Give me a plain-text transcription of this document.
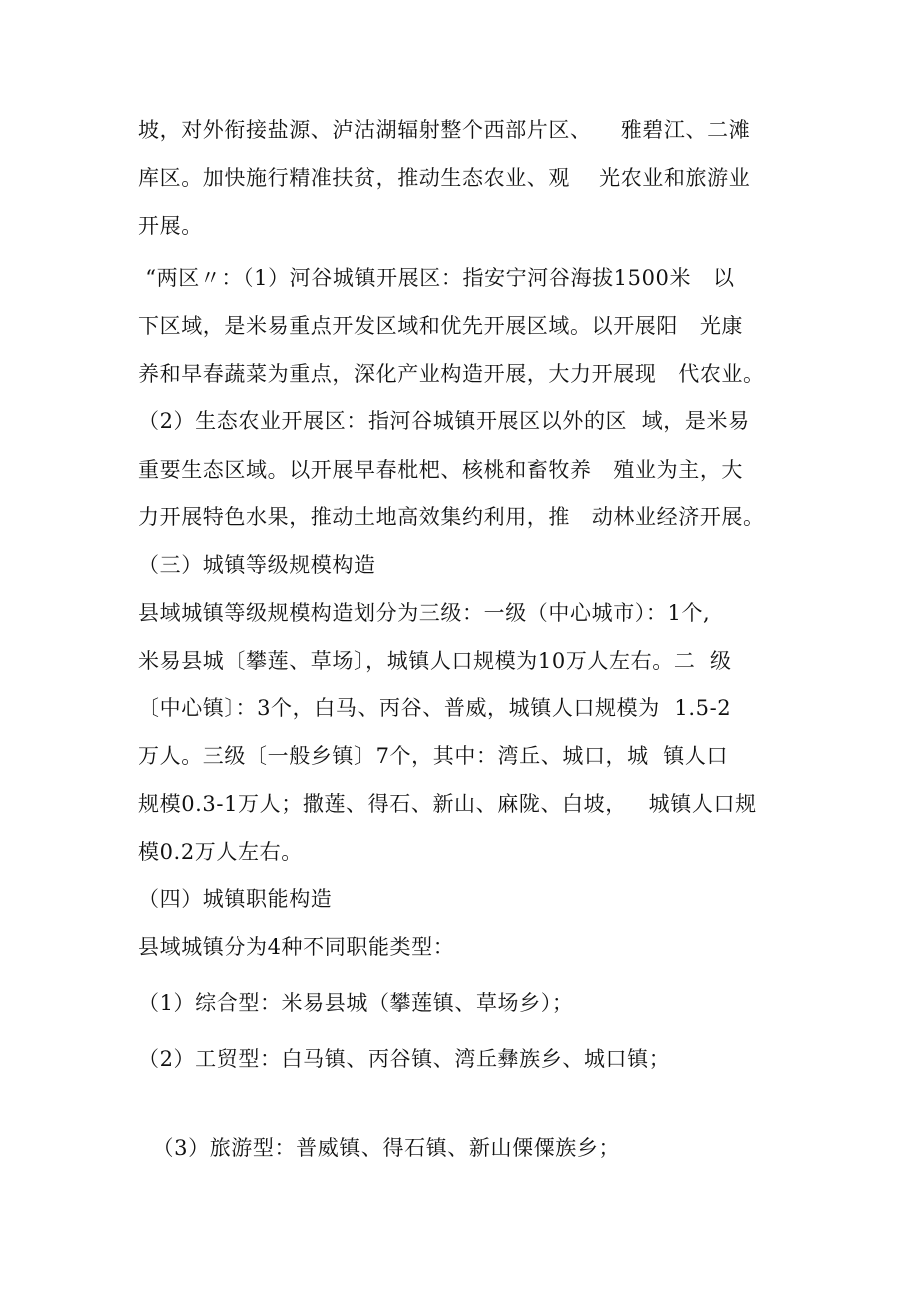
坡，对外衔接盐源、泸沽湖辐射整个西部片区、    雅碧江、二滩
库区。加快施行精准扶贫，推动生态农业、观    光农业和旅游业
开展。
“两区〃：（1）河谷城镇开展区：指安宁河谷海拔1500米   以
下区域，是米易重点开发区域和优先开展区域。以开展阳   光康
养和早春蔬菜为重点，深化产业构造开展，大力开展现   代农业。
（2）生态农业开展区：指河谷城镇开展区以外的区  域，是米易
重要生态区域。以开展早春枇杷、核桃和畜牧养   殖业为主，大
力开展特色水果，推动土地高效集约利用，推   动林业经济开展。
（三）城镇等级规模构造
县域城镇等级规模构造划分为三级：一级（中心城市）：1个,
米易县城〔攀莲、草场〕，城镇人口规模为10万人左右。二  级
〔中心镇〕：3个，白马、丙谷、普威，城镇人口规模为  1.5-2
万人。三级〔一般乡镇〕7个，其中：湾丘、城口，城  镇人口
规模0.3-1万人；撒莲、得石、新山、麻陇、白坡，   城镇人口规
模0.2万人左右。
（四）城镇职能构造
县域城镇分为4种不同职能类型：
（1）综合型：米易县城（攀莲镇、草场乡）；
（2）工贸型：白马镇、丙谷镇、湾丘彝族乡、城口镇；
（3）旅游型：普威镇、得石镇、新山傈僳族乡；
